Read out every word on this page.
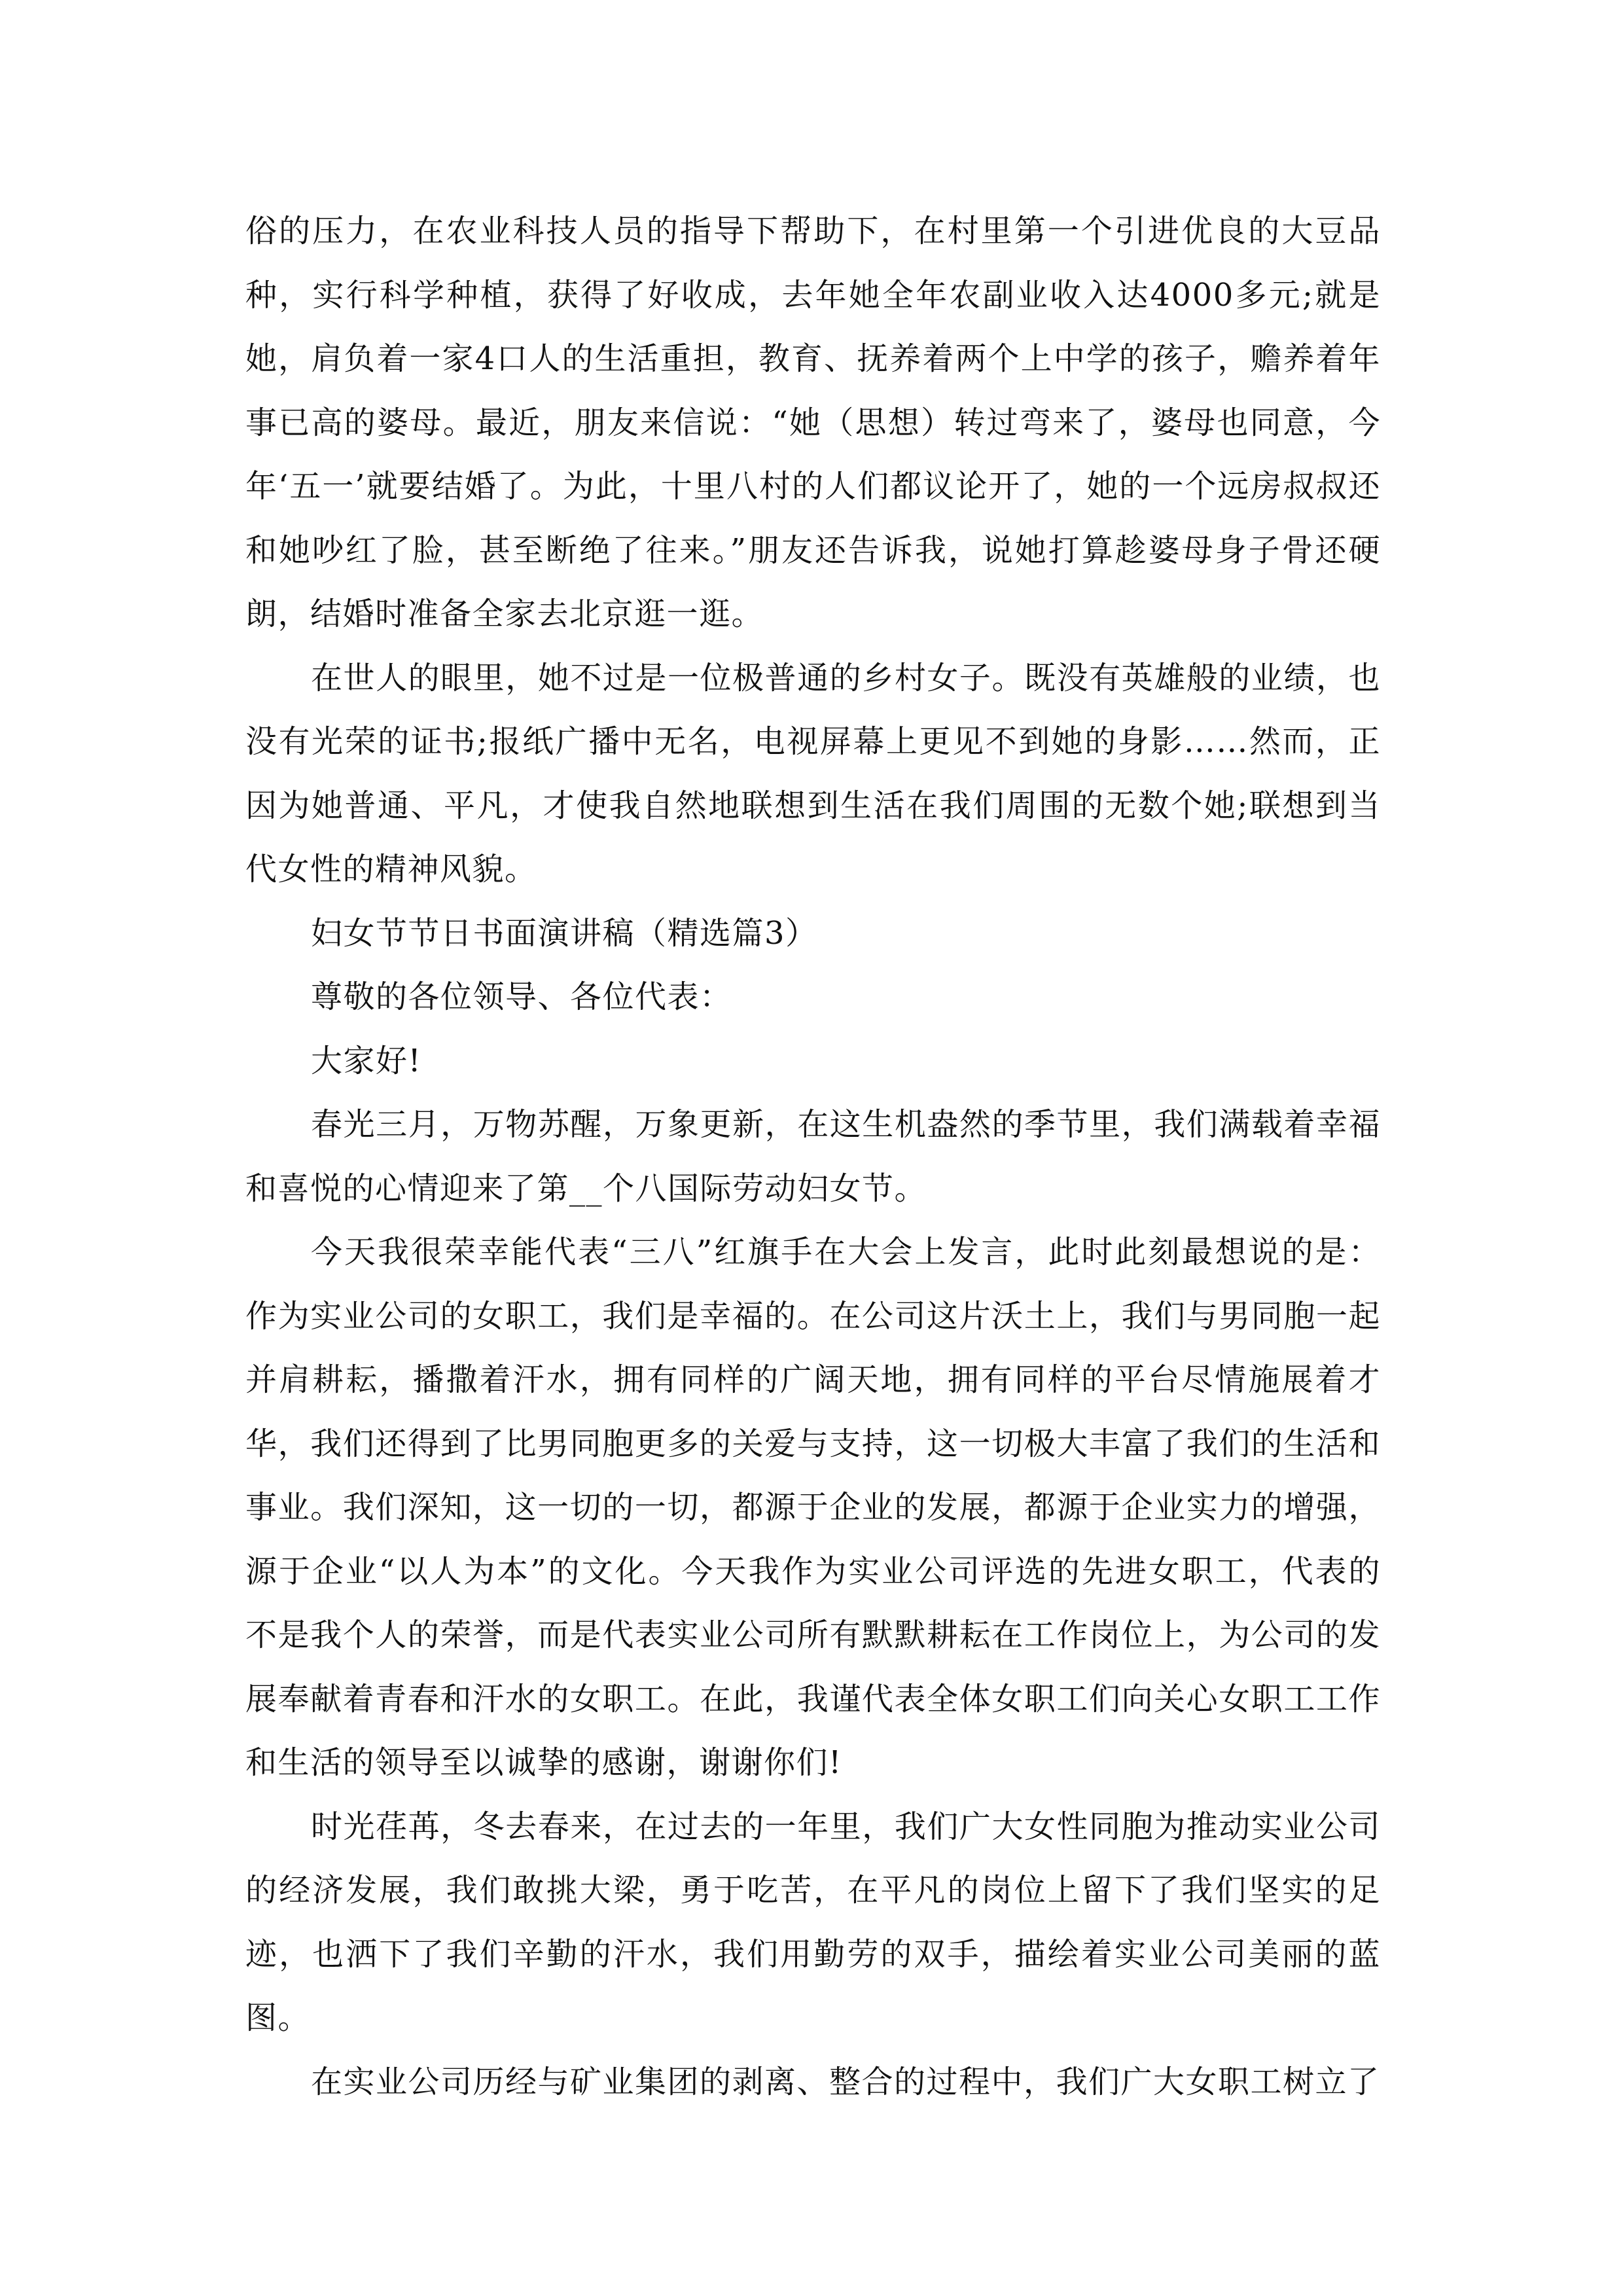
俗的压力，在农业科技人员的指导下帮助下，在村里第一个引进优良的大豆品种，实行科学种植，获得了好收成，去年她全年农副业收入达4000多元;就是她，肩负着一家4口人的生活重担，教育、抚养着两个上中学的孩子，赡养着年事已高的婆母。最近，朋友来信说：“她（思想）转过弯来了，婆母也同意，今年‘五一’就要结婚了。为此，十里八村的人们都议论开了，她的一个远房叔叔还和她吵红了脸，甚至断绝了往来。”朋友还告诉我，说她打算趁婆母身子骨还硬朗，结婚时准备全家去北京逛一逛。

在世人的眼里，她不过是一位极普通的乡村女子。既没有英雄般的业绩，也没有光荣的证书;报纸广播中无名，电视屏幕上更见不到她的身影……然而，正因为她普通、平凡，才使我自然地联想到生活在我们周围的无数个她;联想到当代女性的精神风貌。

妇女节节日书面演讲稿（精选篇3）

尊敬的各位领导、各位代表：

大家好!

春光三月，万物苏醒，万象更新，在这生机盎然的季节里，我们满载着幸福和喜悦的心情迎来了第__个八国际劳动妇女节。

今天我很荣幸能代表“三八”红旗手在大会上发言，此时此刻最想说的是：作为实业公司的女职工，我们是幸福的。在公司这片沃土上，我们与男同胞一起并肩耕耘，播撒着汗水，拥有同样的广阔天地，拥有同样的平台尽情施展着才华，我们还得到了比男同胞更多的关爱与支持，这一切极大丰富了我们的生活和事业。我们深知，这一切的一切，都源于企业的发展，都源于企业实力的增强，源于企业“以人为本”的文化。今天我作为实业公司评选的先进女职工，代表的不是我个人的荣誉，而是代表实业公司所有默默耕耘在工作岗位上，为公司的发展奉献着青春和汗水的女职工。在此，我谨代表全体女职工们向关心女职工工作和生活的领导至以诚挚的感谢，谢谢你们!

时光荏苒，冬去春来，在过去的一年里，我们广大女性同胞为推动实业公司的经济发展，我们敢挑大梁，勇于吃苦，在平凡的岗位上留下了我们坚实的足迹，也洒下了我们辛勤的汗水，我们用勤劳的双手，描绘着实业公司美丽的蓝图。

在实业公司历经与矿业集团的剥离、整合的过程中，我们广大女职工树立了
